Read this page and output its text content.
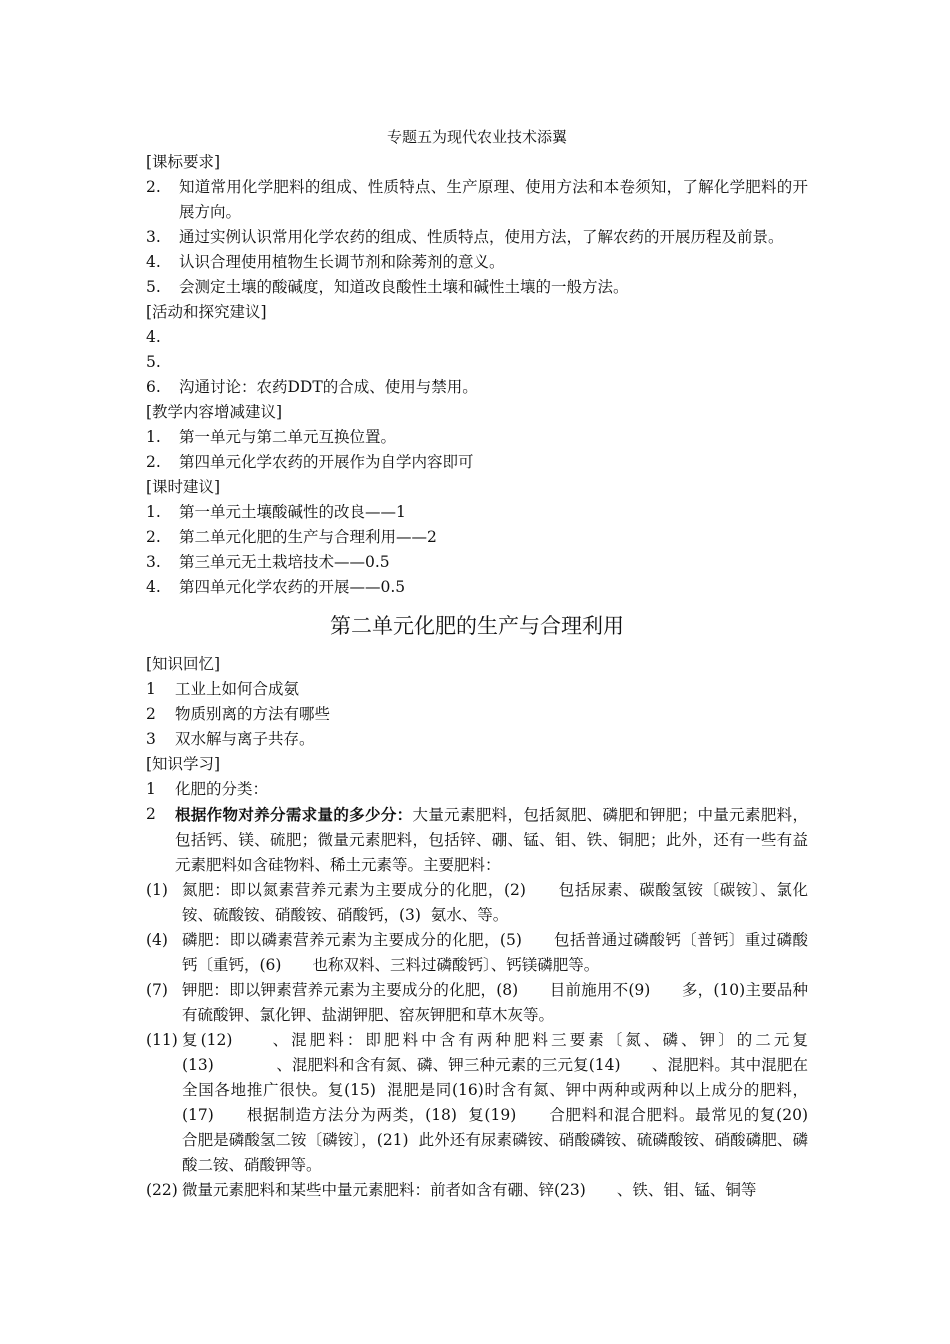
专题五为现代农业技术添翼
[课标要求]
2.	知道常用化学肥料的组成、性质特点、生产原理、使用方法和本卷须知，了解化学肥料的开展方向。
3.	通过实例认识常用化学农药的组成、性质特点，使用方法，了解农药的开展历程及前景。
4.	认识合理使用植物生长调节剂和除莠剂的意义。
5.	会测定土壤的酸碱度，知道改良酸性土壤和碱性土壤的一般方法。
[活动和探究建议]
4.
5.
6.	沟通讨论：农药DDT的合成、使用与禁用。
[教学内容增减建议]
1.	第一单元与第二单元互换位置。
2.	第四单元化学农药的开展作为自学内容即可
[课时建议]
1.	第一单元土壤酸碱性的改良——1
2.	第二单元化肥的生产与合理利用——2
3.	第三单元无土栽培技术——0.5
4.	第四单元化学农药的开展——0.5
第二单元化肥的生产与合理利用
[知识回忆]
1	工业上如何合成氨
2	物质别离的方法有哪些
3	双水解与离子共存。
[知识学习]
1	化肥的分类：
2	根据作物对养分需求量的多少分：大量元素肥料，包括氮肥、磷肥和钾肥；中量元素肥料，包括钙、镁、硫肥；微量元素肥料，包括锌、硼、锰、钼、铁、铜肥；此外，还有一些有益元素肥料如含硅物料、稀土元素等。主要肥料：
(1) 氮肥：即以氮素营养元素为主要成分的化肥，(2)　　包括尿素、碳酸氢铵〔碳铵〕、氯化铵、硫酸铵、硝酸铵、硝酸钙，(3)  氨水、等。
(4) 磷肥：即以磷素营养元素为主要成分的化肥，(5)　　包括普通过磷酸钙〔普钙〕重过磷酸钙〔重钙，(6)　　也称双料、三料过磷酸钙〕、钙镁磷肥等。
(7) 钾肥：即以钾素营养元素为主要成分的化肥，(8)　　目前施用不(9)　　多，(10)主要品种有硫酸钾、氯化钾、盐湖钾肥、窑灰钾肥和草木灰等。
(11) 复(12)　　、混肥料：即肥料中含有两种肥料三要素〔氮、磷、钾〕的二元复(13)　　　　、混肥料和含有氮、磷、钾三种元素的三元复(14)　　、混肥料。其中混肥在全国各地推广很快。复(15)  混肥是同(16)时含有氮、钾中两种或两种以上成分的肥料，(17)　　根据制造方法分为两类，(18)  复(19)　　合肥料和混合肥料。最常见的复(20)　合肥是磷酸氢二铵〔磷铵〕，(21)  此外还有尿素磷铵、硝酸磷铵、硫磷酸铵、硝酸磷肥、磷酸二铵、硝酸钾等。
(22) 微量元素肥料和某些中量元素肥料：前者如含有硼、锌(23)　　、铁、钼、锰、铜等
